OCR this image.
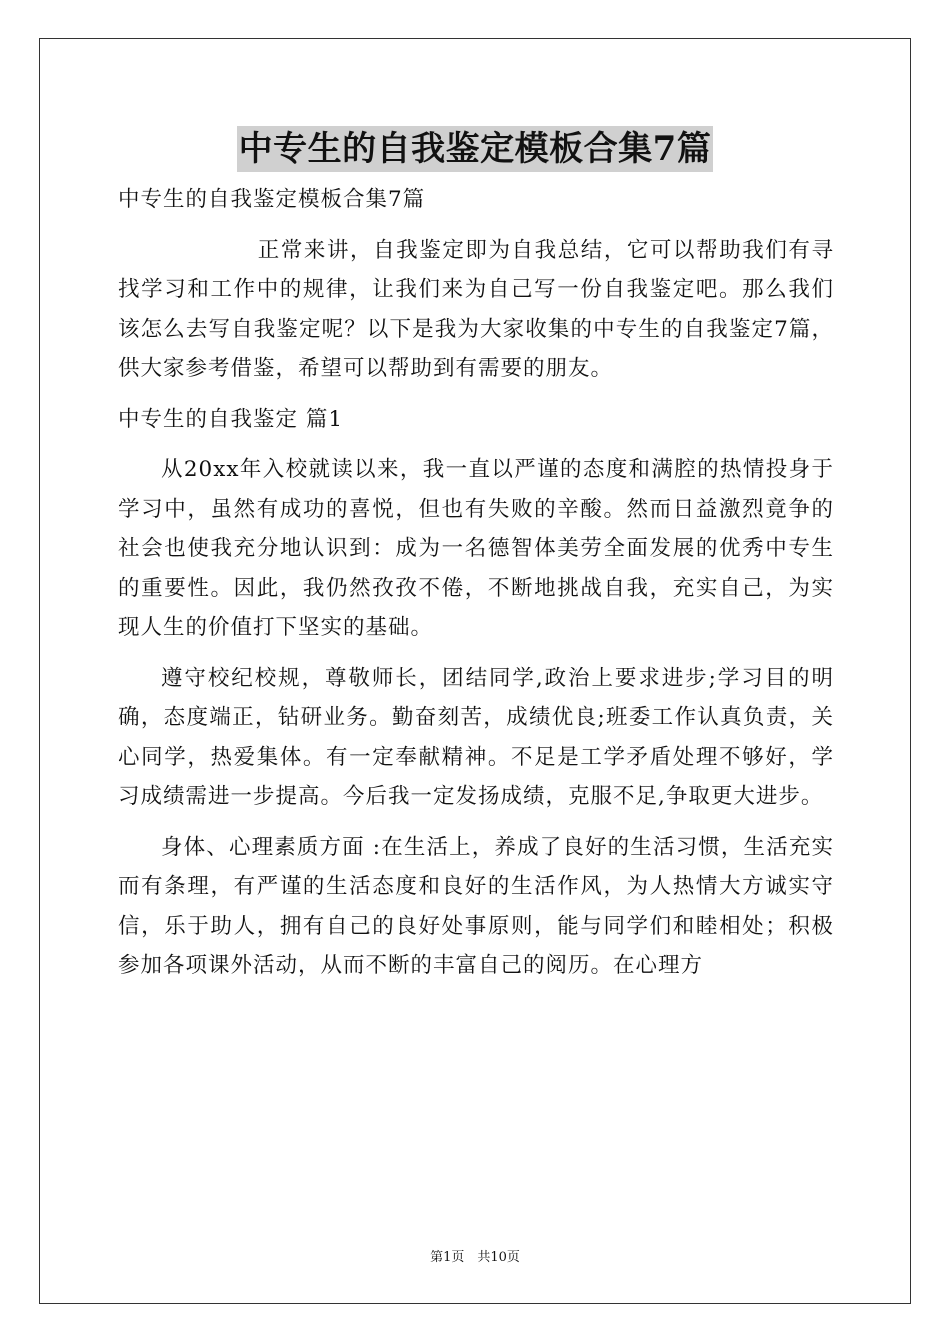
中专生的自我鉴定模板合集7篇

中专生的自我鉴定模板合集7篇

正常来讲，自我鉴定即为自我总结，它可以帮助我们有寻找学习和工作中的规律，让我们来为自己写一份自我鉴定吧。那么我们该怎么去写自我鉴定呢？以下是我为大家收集的中专生的自我鉴定7篇，供大家参考借鉴，希望可以帮助到有需要的朋友。

中专生的自我鉴定 篇1

从20xx年入校就读以来，我一直以严谨的态度和满腔的热情投身于学习中，虽然有成功的喜悦，但也有失败的辛酸。然而日益激烈竟争的社会也使我充分地认识到：成为一名德智体美劳全面发展的优秀中专生的重要性。因此，我仍然孜孜不倦，不断地挑战自我，充实自己，为实现人生的价值打下坚实的基础。

遵守校纪校规，尊敬师长，团结同学,政治上要求进步;学习目的明确，态度端正，钻研业务。勤奋刻苦，成绩优良;班委工作认真负责，关心同学，热爱集体。有一定奉献精神。不足是工学矛盾处理不够好，学习成绩需进一步提高。今后我一定发扬成绩，克服不足,争取更大进步。

身体、心理素质方面 :在生活上，养成了良好的生活习惯，生活充实而有条理，有严谨的生活态度和良好的生活作风，为人热情大方诚实守信，乐于助人，拥有自己的良好处事原则，能与同学们和睦相处；积极参加各项课外活动，从而不断的丰富自己的阅历。在心理方

第1页　共10页
